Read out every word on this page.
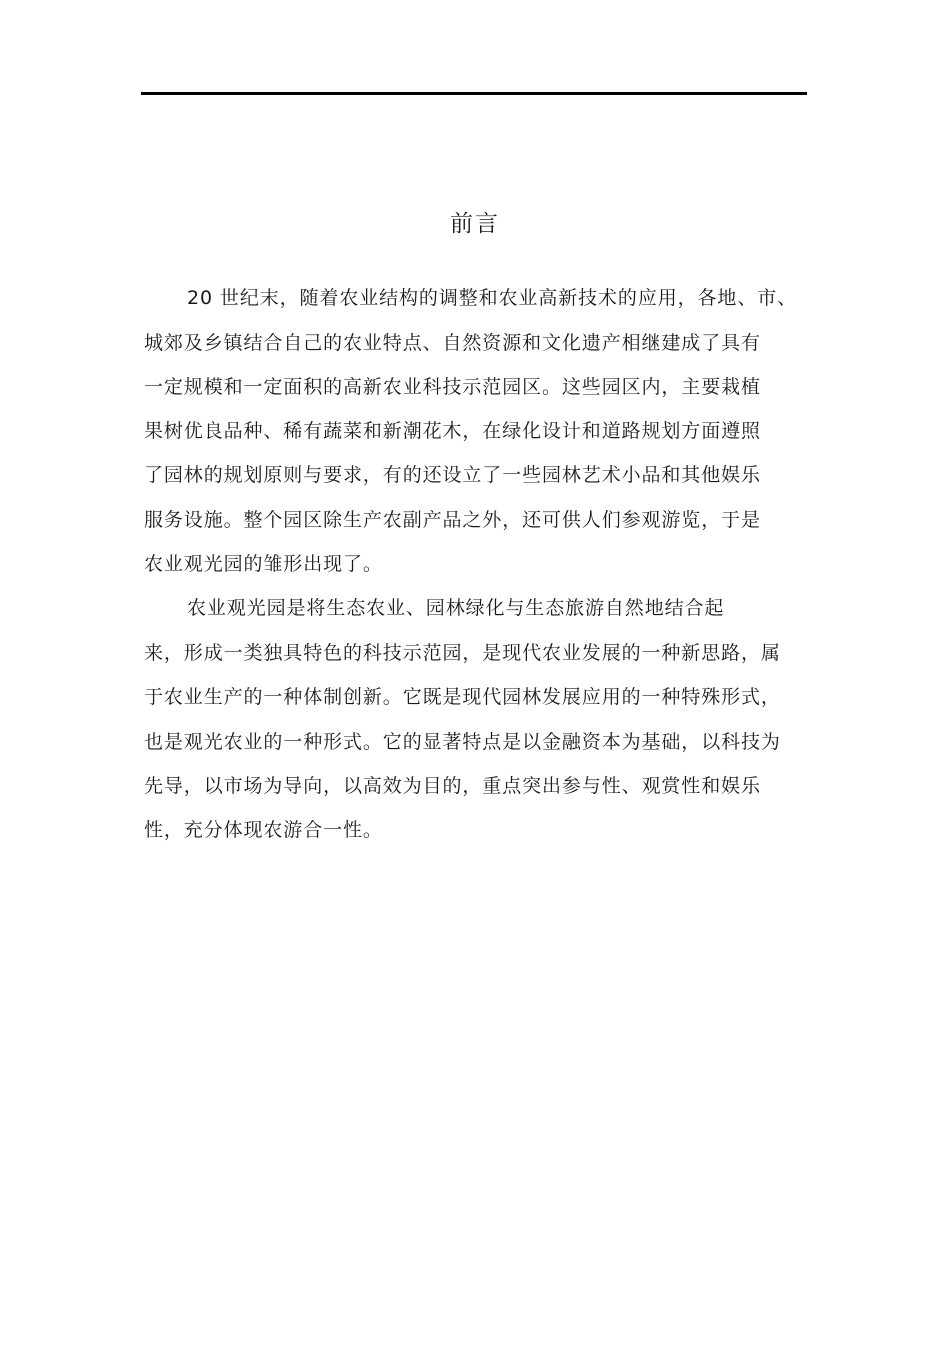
前言
20 世纪末，随着农业结构的调整和农业高新技术的应用，各地、市、
城郊及乡镇结合自己的农业特点、自然资源和文化遗产相继建成了具有
一定规模和一定面积的高新农业科技示范园区。这些园区内，主要栽植
果树优良品种、稀有蔬菜和新潮花木，在绿化设计和道路规划方面遵照
了园林的规划原则与要求，有的还设立了一些园林艺术小品和其他娱乐
服务设施。整个园区除生产农副产品之外，还可供人们参观游览，于是
农业观光园的雏形出现了。
农业观光园是将生态农业、园林绿化与生态旅游自然地结合起
来，形成一类独具特色的科技示范园，是现代农业发展的一种新思路，属
于农业生产的一种体制创新。它既是现代园林发展应用的一种特殊形式，
也是观光农业的一种形式。它的显著特点是以金融资本为基础，以科技为
先导，以市场为导向，以高效为目的，重点突出参与性、观赏性和娱乐
性，充分体现农游合一性。
